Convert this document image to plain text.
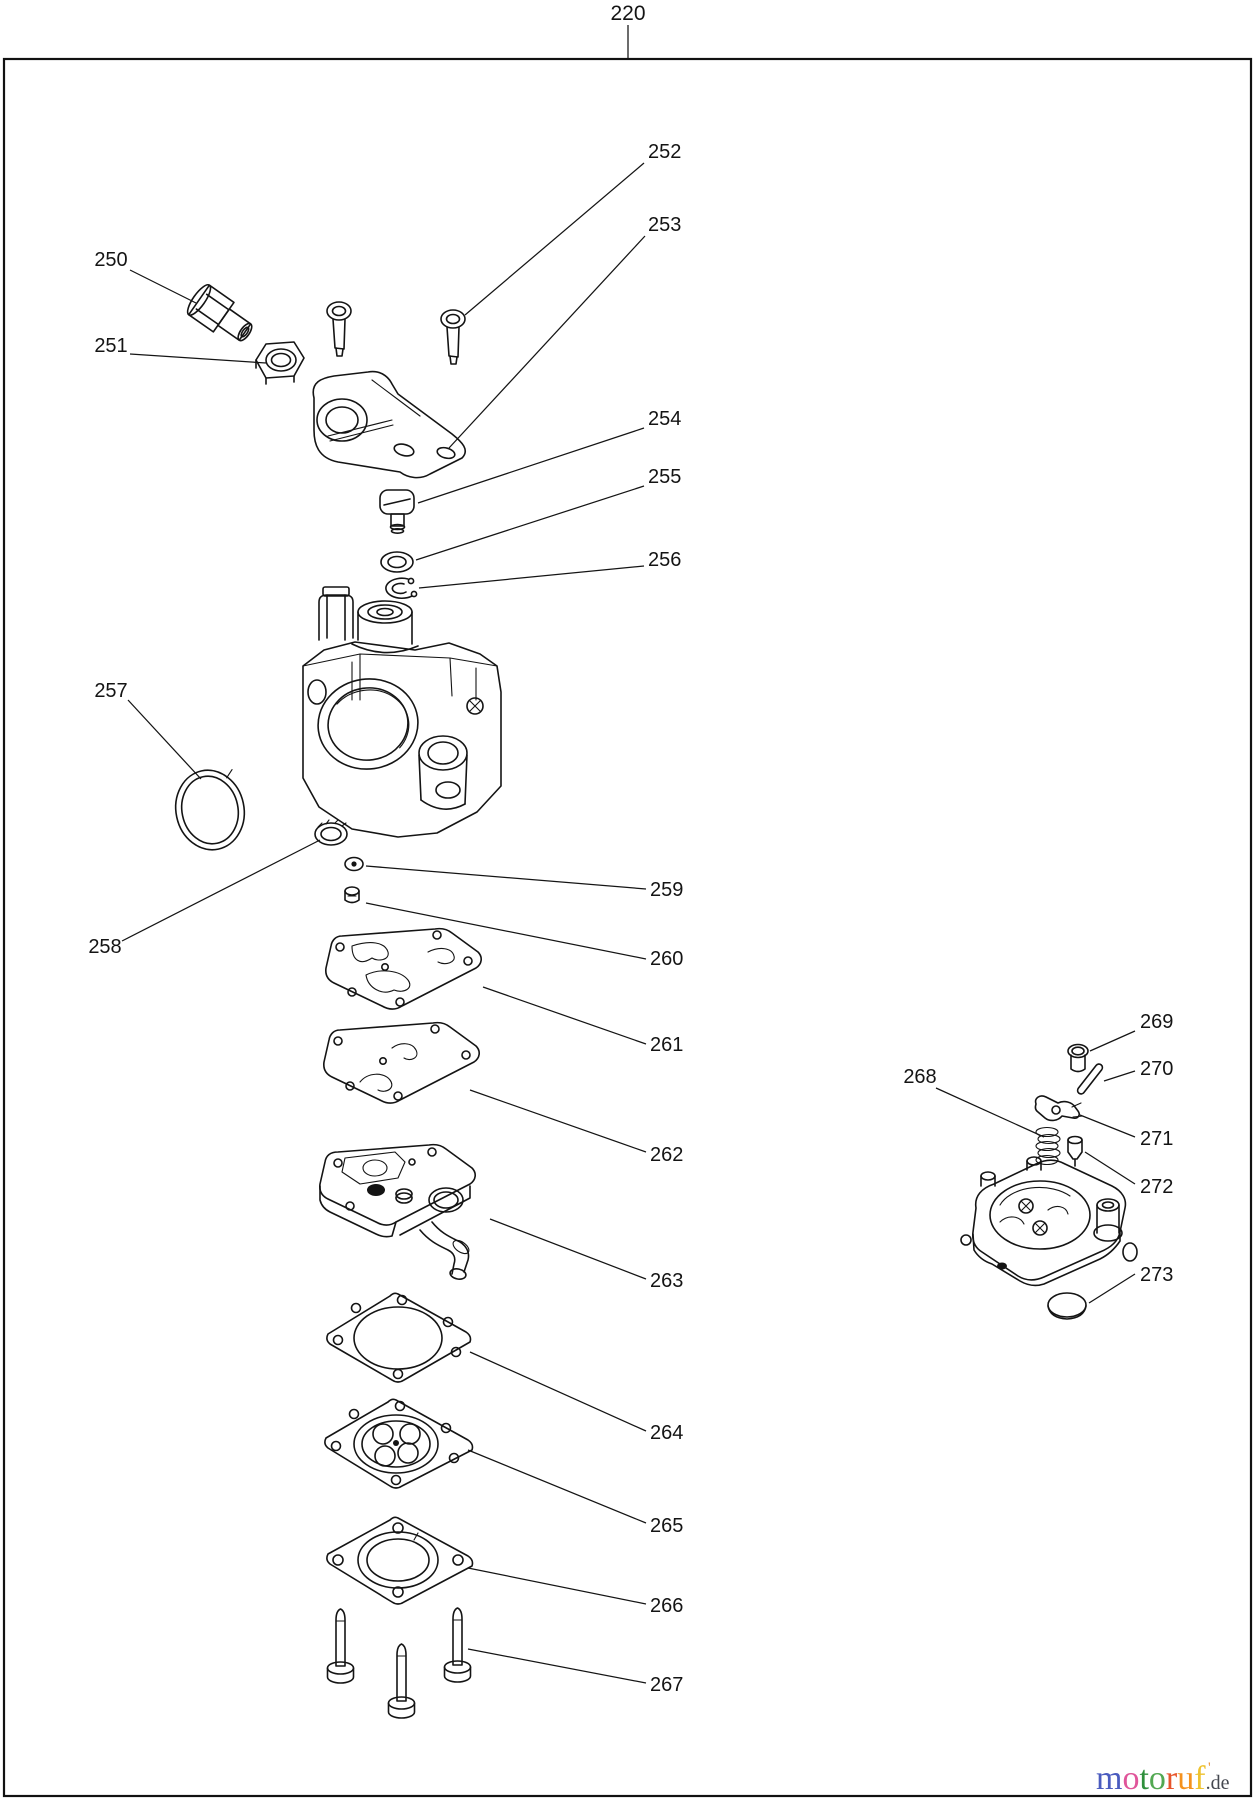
220
250
251
252
253
254
255
256
257
258
259
260
261
262
263
264
265
266
267
268
269
270
271
272
273
motoruf.de
'
